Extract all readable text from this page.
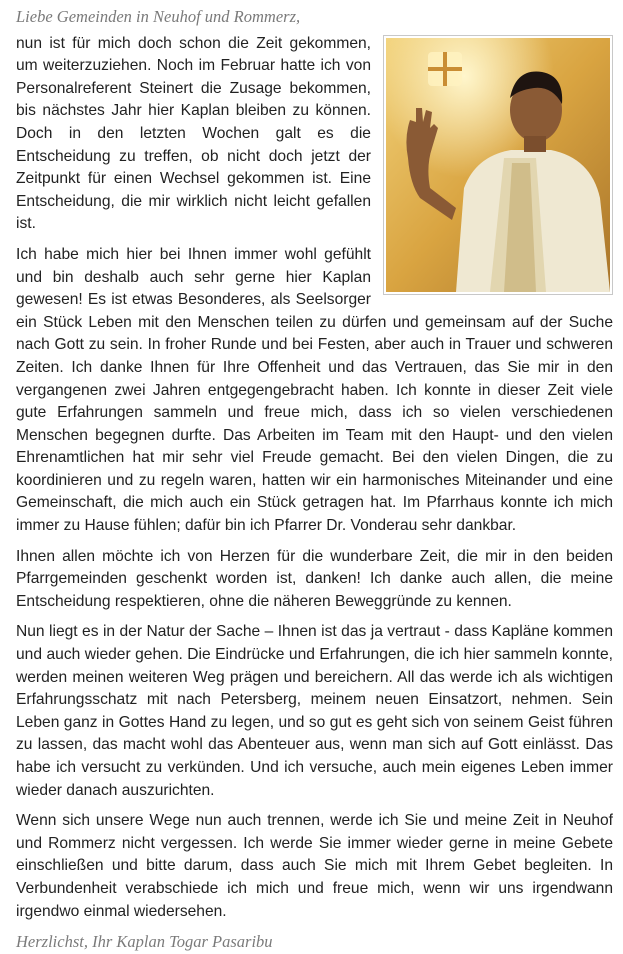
Liebe Gemeinden in Neuhof und Rommerz,

nun ist für mich doch schon die Zeit gekommen, um weiterzuziehen. Noch im Februar hatte ich von Personalreferent Steinert die Zusage bekommen, bis nächstes Jahr hier Kaplan bleiben zu können. Doch in den letzten Wochen galt es die Entscheidung zu treffen, ob nicht doch jetzt der Zeitpunkt für einen Wechsel gekommen ist. Eine Entscheidung, die mir wirklich nicht leicht gefallen ist.

Ich habe mich hier bei Ihnen immer wohl gefühlt und bin deshalb auch sehr gerne hier Kaplan gewesen! Es ist etwas Besonderes, als Seelsorger ein Stück Leben mit den Menschen teilen zu dürfen und gemeinsam auf der Suche nach Gott zu sein. In froher Runde und bei Festen, aber auch in Trauer und schweren Zeiten. Ich danke Ihnen für Ihre Offenheit und das Vertrauen, das Sie mir in den vergangenen zwei Jahren entgegengebracht haben. Ich konnte in dieser Zeit viele gute Erfahrungen sammeln und freue mich, dass ich so vielen verschiedenen Menschen begegnen durfte. Das Arbeiten im Team mit den Haupt- und den vielen Ehrenamtlichen hat mir sehr viel Freude gemacht. Bei den vielen Dingen, die zu koordinieren und zu regeln waren, hatten wir ein harmonisches Miteinander und eine Gemeinschaft, die mich auch ein Stück getragen hat. Im Pfarrhaus konnte ich mich immer zu Hause fühlen; dafür bin ich Pfarrer Dr. Vonderau sehr dankbar.

Ihnen allen möchte ich von Herzen für die wunderbare Zeit, die mir in den beiden Pfarrgemeinden geschenkt worden ist, danken! Ich danke auch allen, die meine Entscheidung respektieren, ohne die näheren Beweggründe zu kennen.

Nun liegt es in der Natur der Sache – Ihnen ist das ja vertraut - dass Kapläne kommen und auch wieder gehen. Die Eindrücke und Erfahrungen, die ich hier sammeln konnte, werden meinen weiteren Weg prägen und bereichern. All das werde ich als wichtigen Erfahrungsschatz mit nach Petersberg, meinem neuen Einsatzort, nehmen. Sein Leben ganz in Gottes Hand zu legen, und so gut es geht sich von seinem Geist führen zu lassen, das macht wohl das Abenteuer aus, wenn man sich auf Gott einlässt. Das habe ich versucht zu verkünden. Und ich versuche, auch mein eigenes Leben immer wieder danach auszurichten.

Wenn sich unsere Wege nun auch trennen, werde ich Sie und meine Zeit in Neuhof und Rommerz nicht vergessen. Ich werde Sie immer wieder gerne in meine Gebete einschließen und bitte darum, dass auch Sie mich mit Ihrem Gebet begleiten. In Verbundenheit verabschiede ich mich und freue mich, wenn wir uns irgendwann irgendwo einmal wiedersehen.

Herzlichst, Ihr Kaplan Togar Pasaribu
